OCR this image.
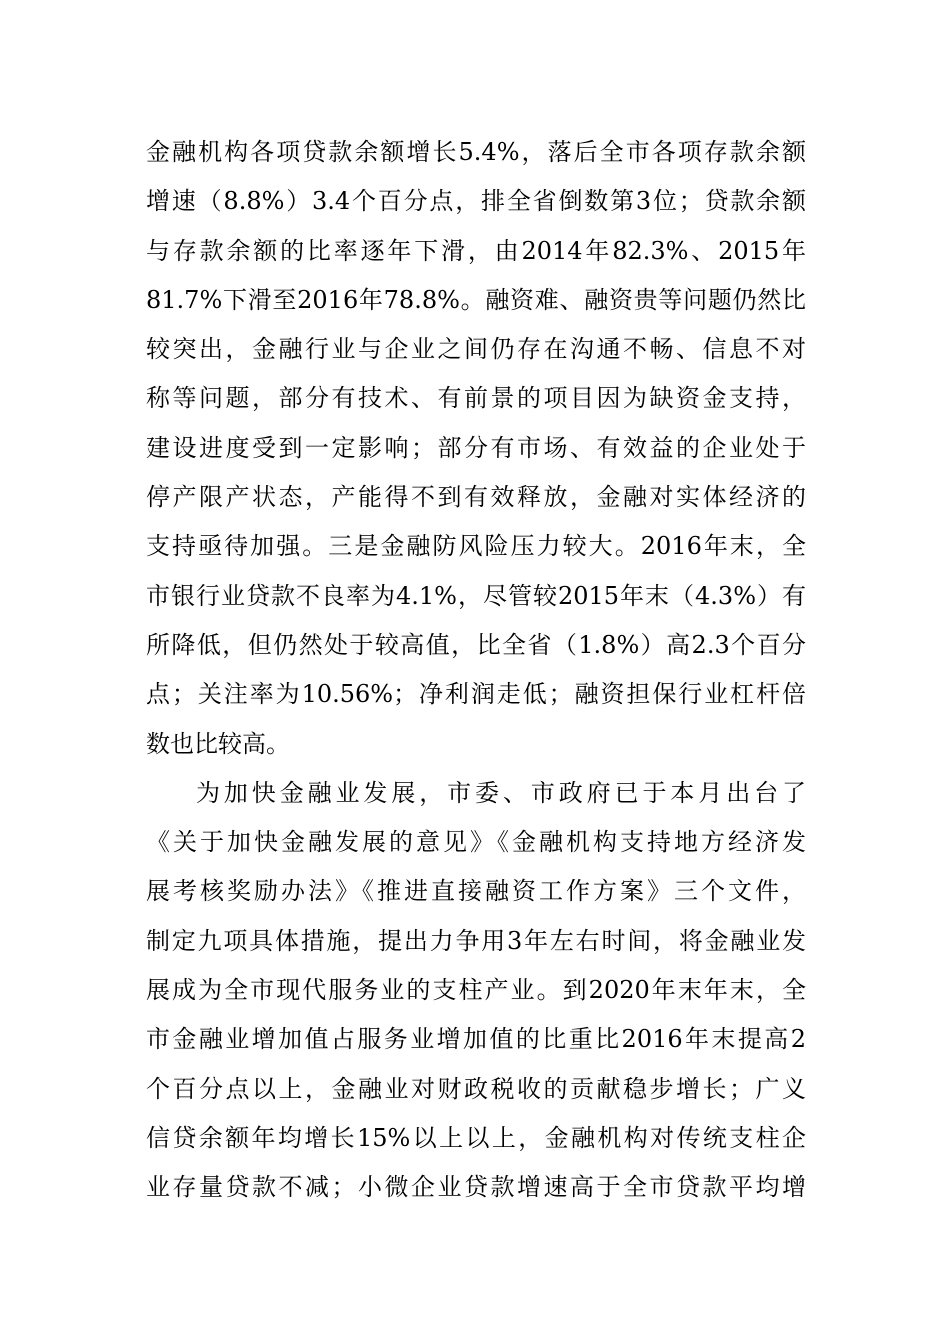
金融机构各项贷款余额增长5.4%，落后全市各项存款余额
增速（8.8%）3.4个百分点，排全省倒数第3位；贷款余额
与存款余额的比率逐年下滑，由2014年82.3%、2015年
81.7%下滑至2016年78.8%。融资难、融资贵等问题仍然比
较突出，金融行业与企业之间仍存在沟通不畅、信息不对
称等问题，部分有技术、有前景的项目因为缺资金支持，
建设进度受到一定影响；部分有市场、有效益的企业处于
停产限产状态，产能得不到有效释放，金融对实体经济的
支持亟待加强。三是金融防风险压力较大。2016年末，全
市银行业贷款不良率为4.1%，尽管较2015年末（4.3%）有
所降低，但仍然处于较高值，比全省（1.8%）高2.3个百分
点；关注率为10.56%；净利润走低；融资担保行业杠杆倍
数也比较高。
为加快金融业发展，市委、市政府已于本月出台了
《关于加快金融发展的意见》《金融机构支持地方经济发
展考核奖励办法》《推进直接融资工作方案》三个文件，
制定九项具体措施，提出力争用3年左右时间，将金融业发
展成为全市现代服务业的支柱产业。到2020年末年末，全
市金融业增加值占服务业增加值的比重比2016年末提高2
个百分点以上，金融业对财政税收的贡献稳步增长；广义
信贷余额年均增长15%以上以上，金融机构对传统支柱企
业存量贷款不减；小微企业贷款增速高于全市贷款平均增
